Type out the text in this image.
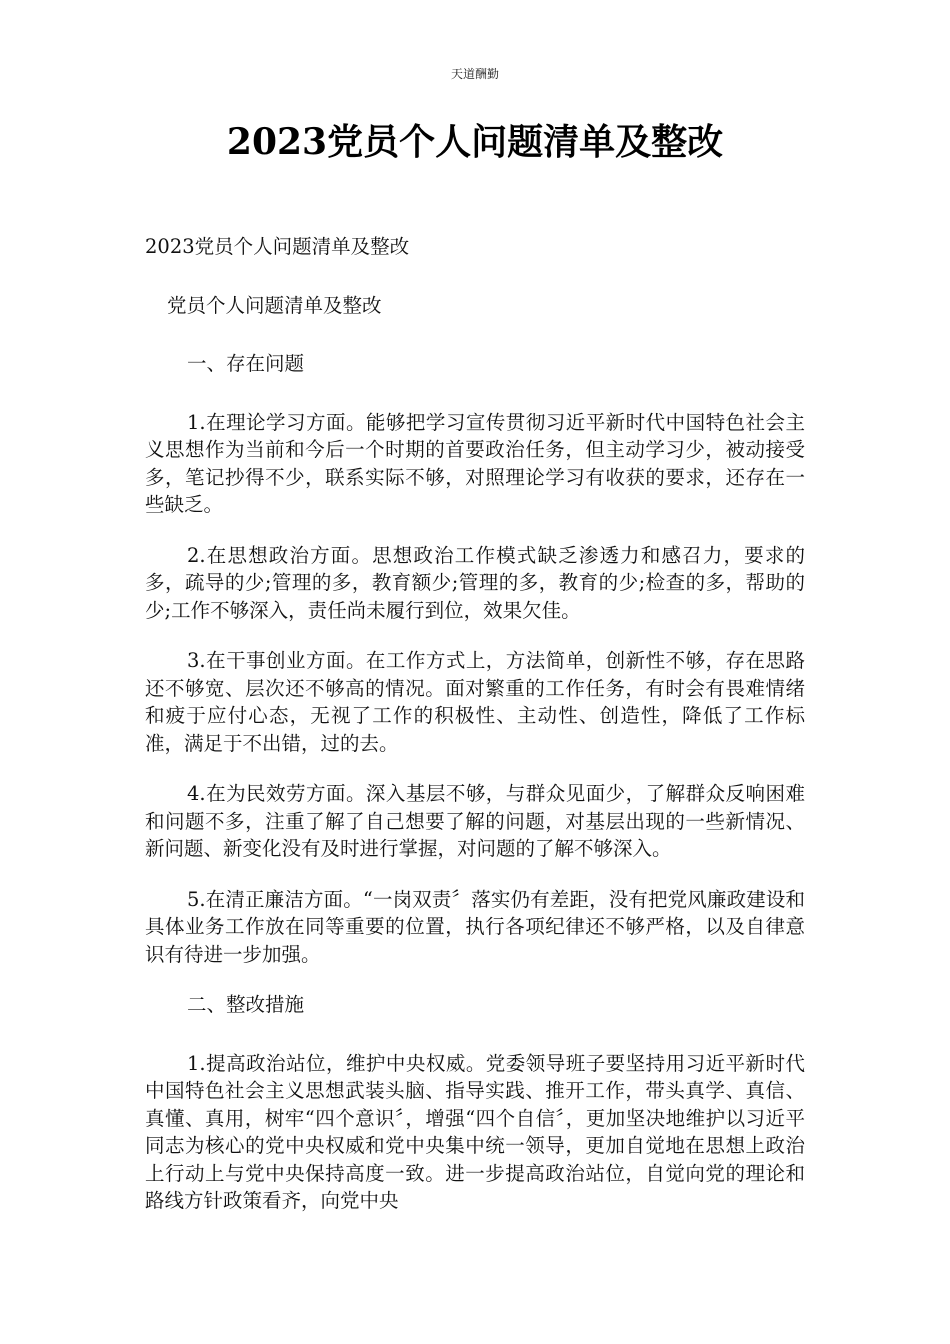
天道酬勤
2023党员个人问题清单及整改

2023党员个人问题清单及整改

党员个人问题清单及整改

一、存在问题

1.在理论学习方面。能够把学习宣传贯彻习近平新时代中国特色社会主义思想作为当前和今后一个时期的首要政治任务，但主动学习少，被动接受多，笔记抄得不少，联系实际不够，对照理论学习有收获的要求，还存在一些缺乏。

2.在思想政治方面。思想政治工作模式缺乏渗透力和感召力，要求的多，疏导的少;管理的多，教育额少;管理的多，教育的少;检查的多，帮助的少;工作不够深入，责任尚未履行到位，效果欠佳。

3.在干事创业方面。在工作方式上，方法简单，创新性不够，存在思路还不够宽、层次还不够高的情况。面对繁重的工作任务，有时会有畏难情绪和疲于应付心态，无视了工作的积极性、主动性、创造性，降低了工作标准，满足于不出错，过的去。

4.在为民效劳方面。深入基层不够，与群众见面少，了解群众反响困难和问题不多，注重了解了自己想要了解的问题，对基层出现的一些新情况、新问题、新变化没有及时进行掌握，对问题的了解不够深入。

5.在清正廉洁方面。“一岗双责〞落实仍有差距，没有把党风廉政建设和具体业务工作放在同等重要的位置，执行各项纪律还不够严格，以及自律意识有待进一步加强。

二、整改措施

1.提高政治站位，维护中央权威。党委领导班子要坚持用习近平新时代中国特色社会主义思想武装头脑、指导实践、推开工作，带头真学、真信、真懂、真用，树牢“四个意识〞，增强“四个自信〞，更加坚决地维护以习近平同志为核心的党中央权威和党中央集中统一领导，更加自觉地在思想上政治上行动上与党中央保持高度一致。进一步提高政治站位，自觉向党的理论和路线方针政策看齐，向党中央
